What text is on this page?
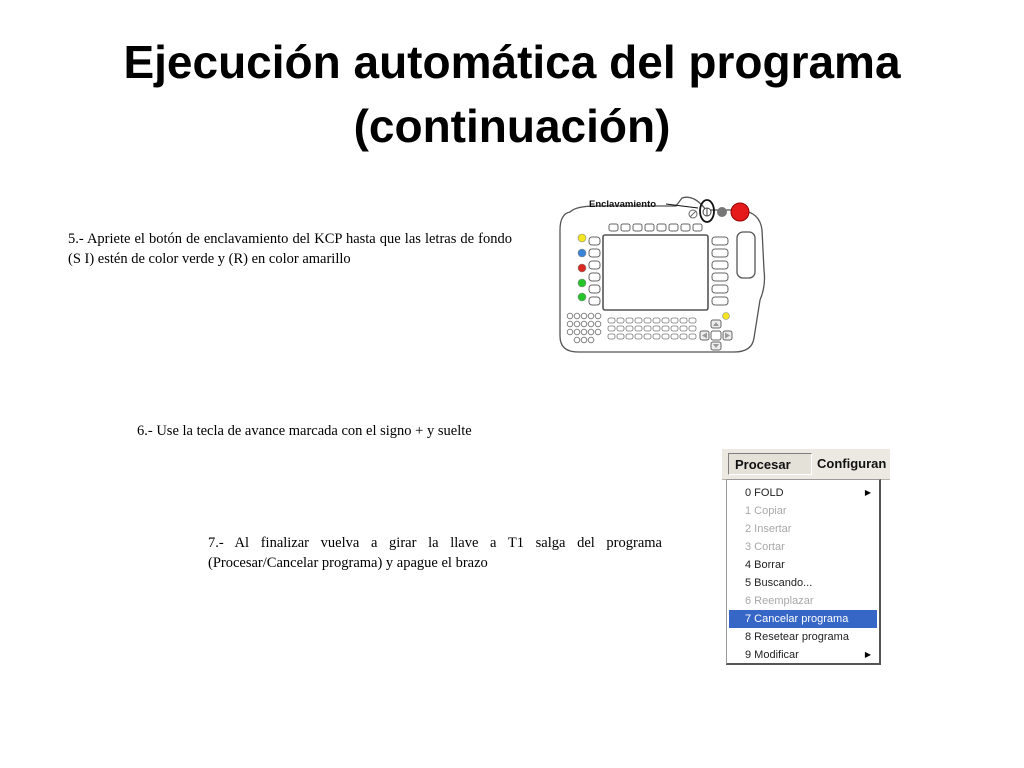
Ejecución automática del programa
(continuación)
5.- Apriete el botón de enclavamiento del KCP hasta que las letras de fondo (S I) estén de color verde y (R) en color amarillo
6.- Use la tecla de avance marcada con el signo + y suelte
7.- Al finalizar vuelva a girar la llave a T1 salga del programa (Procesar/Cancelar programa) y apague el brazo
Enclavamiento
Procesar	Configuran
0 FOLD	▶
1 Copiar
2 Insertar
3 Cortar
4 Borrar
5 Buscando...
6 Reemplazar
7 Cancelar programa
8 Resetear programa
9 Modificar	▶
